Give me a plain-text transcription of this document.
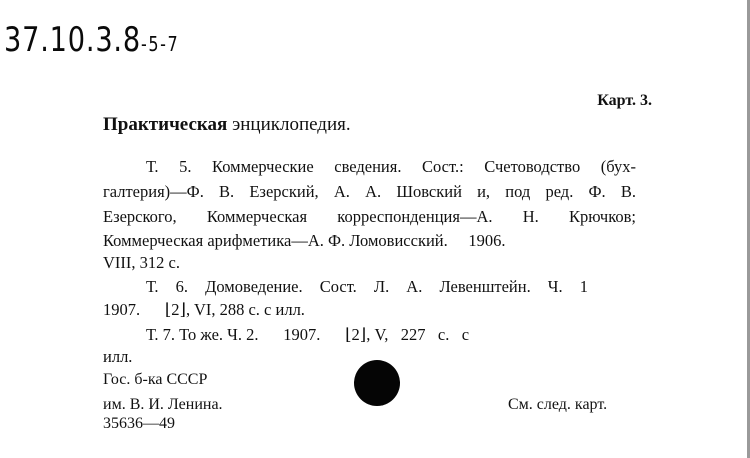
37.10.3.8-5-7
Карт. 3.
Практическая энциклопедия.
Т. 5. Коммерческие сведения. Сост.: Счетоводство (бух-
галтерия)—Ф. В. Езерский, А. А. Шовский и, под ред. Ф. В.
Езерского, Коммерческая корреспонденция—А. Н. Крючков;
Коммерческая арифметика—А. Ф. Ломовисский.     1906.
VIII, 312 с.
Т. 6. Домоведение. Сост. Л. А. Левенштейн. Ч. 1
1907.      ⌊2⌋, VI, 288 с. с илл.
Т. 7. То же. Ч. 2.      1907.      ⌊2⌋, V,   227   с.   с
илл.
Гос. б-ка СССР
им. В. И. Ленина.
35636—49
См. след. карт.
